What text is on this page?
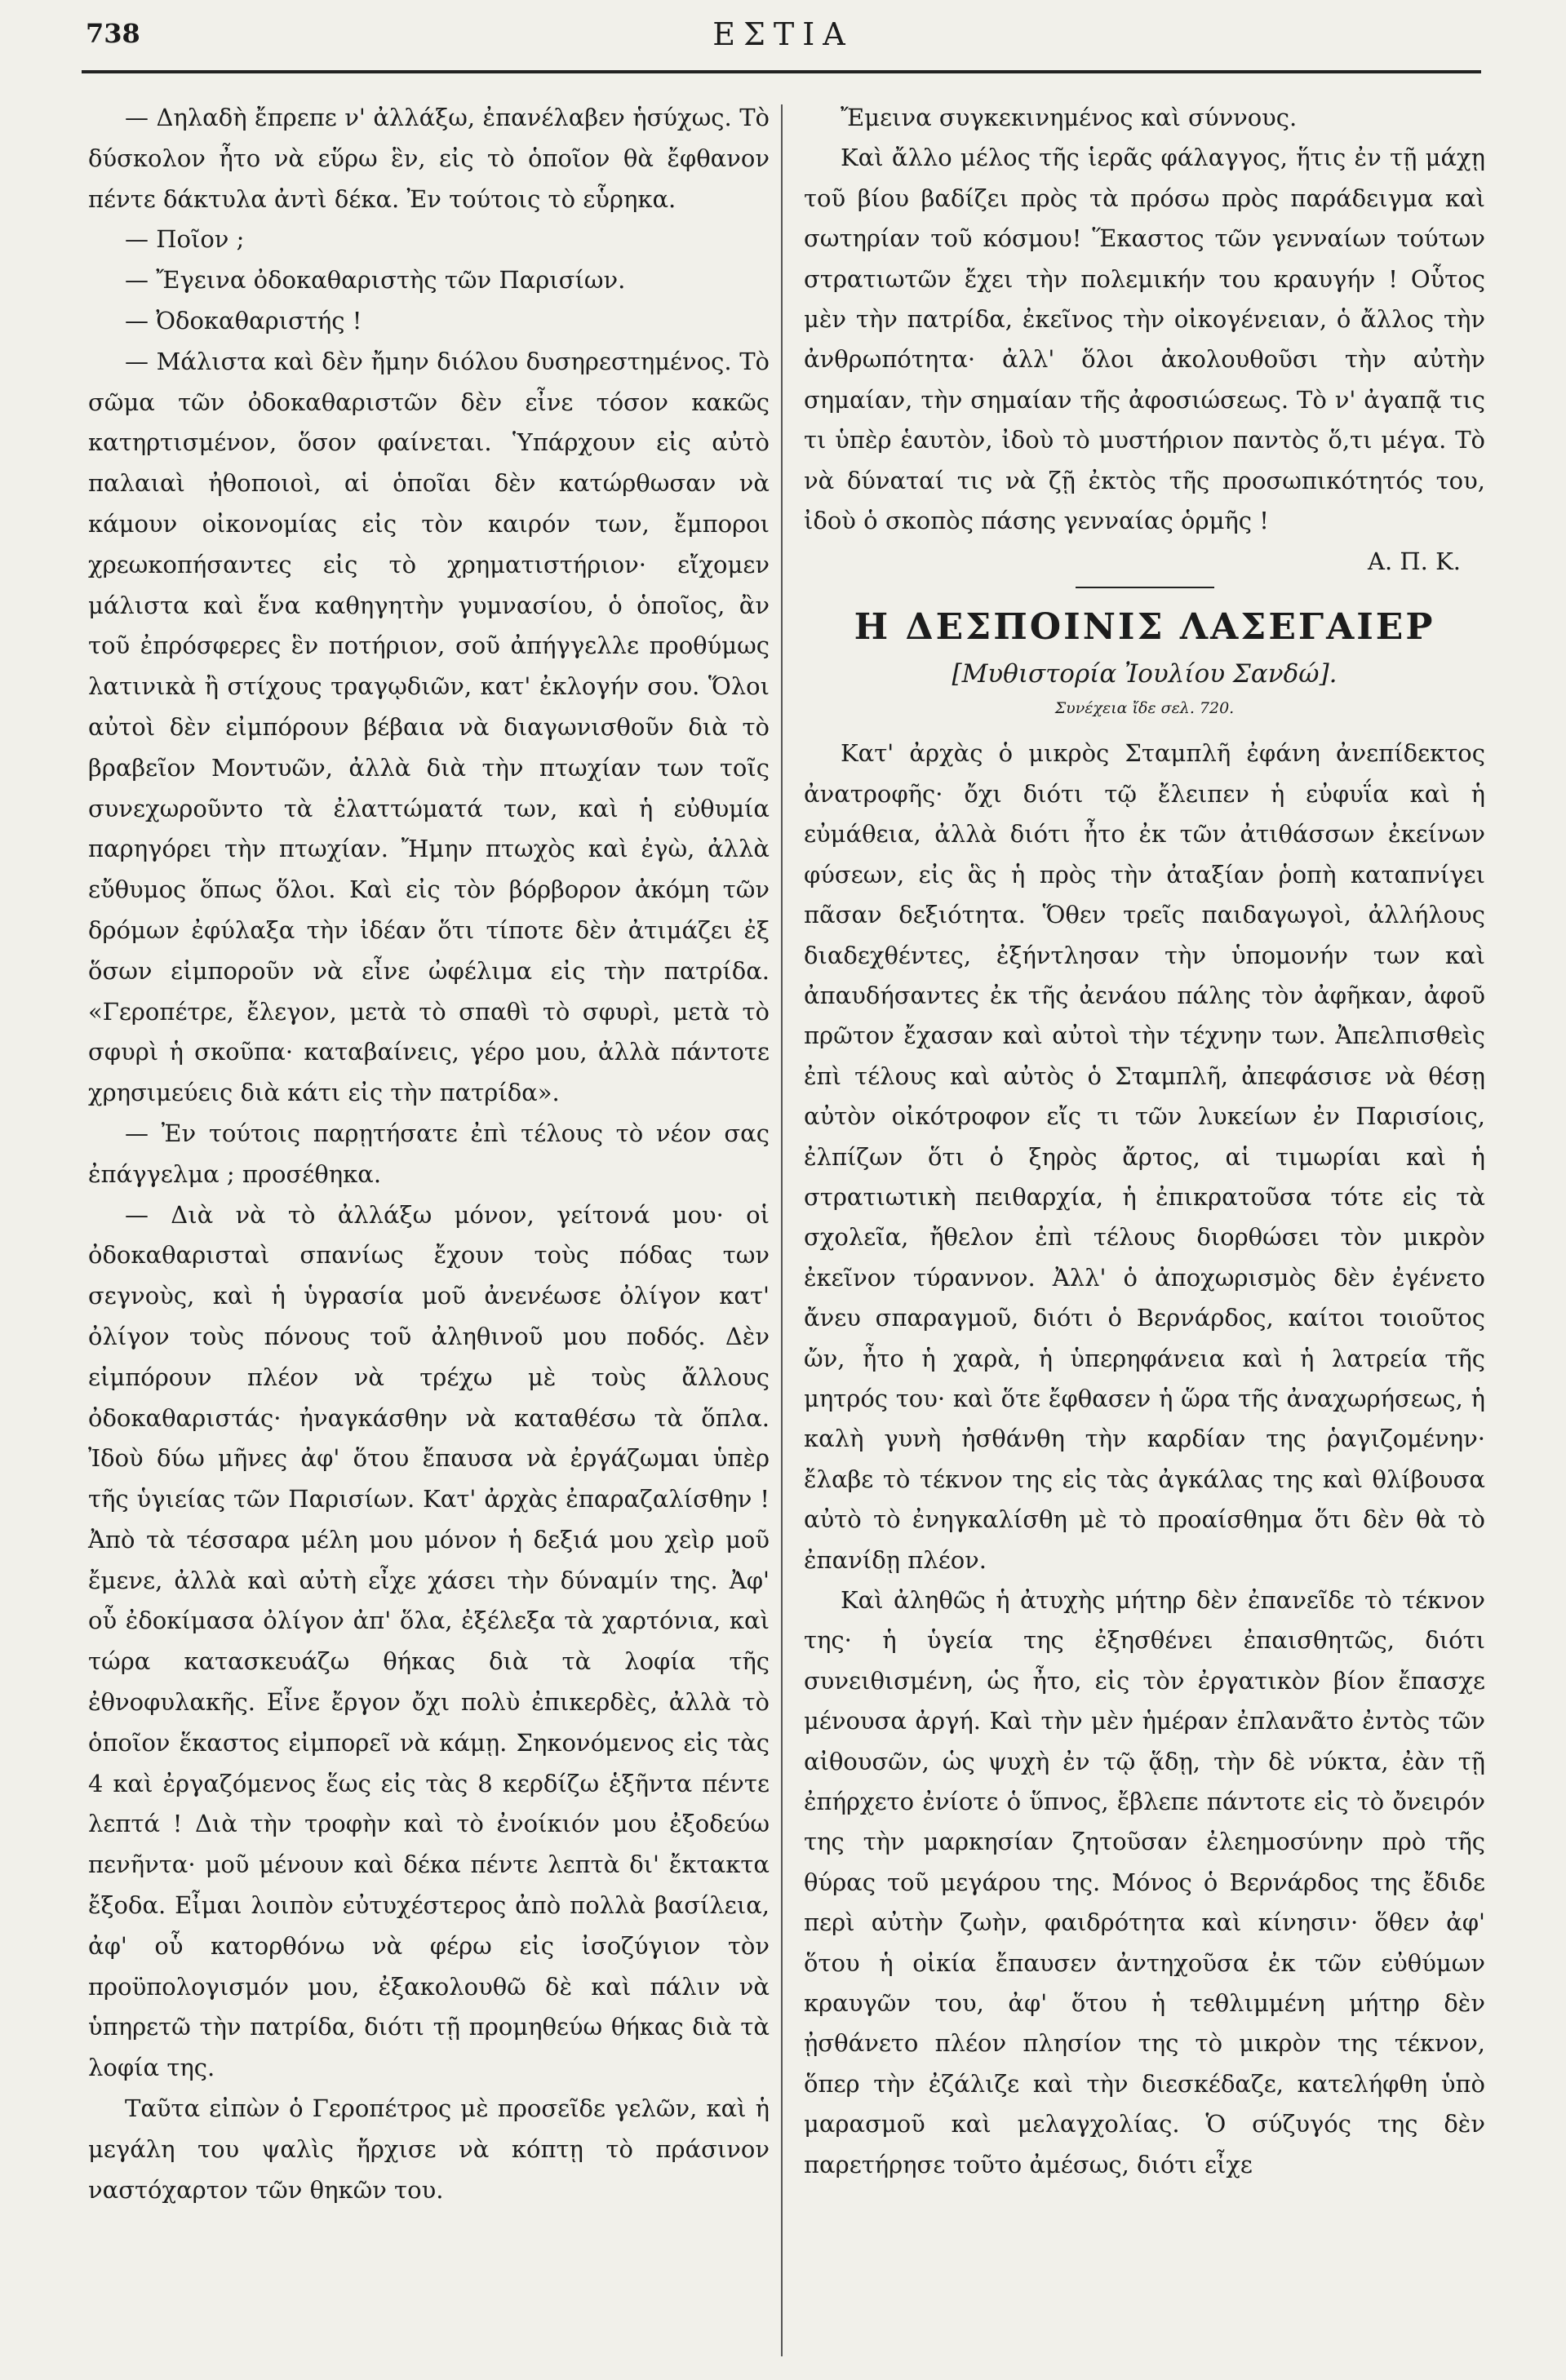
738	ΕΣΤΙΑ

— Δηλαδὴ ἔπρεπε ν' ἀλλάξω, ἐπανέλαβεν ἡσύχως. Τὸ δύσκολον ἦτο νὰ εὕρω ἓν, εἰς τὸ ὁποῖον θὰ ἔφθανον πέντε δάκτυλα ἀντὶ δέκα. Ἐν τούτοις τὸ εὗρηκα.

— Ποῖον ;

— Ἔγεινα ὀδοκαθαριστὴς τῶν Παρισίων.

— Ὀδοκαθαριστής !

— Μάλιστα καὶ δὲν ἤμην διόλου δυσηρεστημένος. Τὸ σῶμα τῶν ὀδοκαθαριστῶν δὲν εἶνε τόσον κακῶς κατηρτισμένον, ὅσον φαίνεται. Ὑπάρχουν εἰς αὐτὸ παλαιαὶ ἠθοποιοὶ, αἱ ὁποῖαι δὲν κατώρθωσαν νὰ κάμουν οἰκονομίας εἰς τὸν καιρόν των, ἔμποροι χρεωκοπήσαντες εἰς τὸ χρηματιστήριον· εἴχομεν μάλιστα καὶ ἕνα καθηγητὴν γυμνασίου, ὁ ὁποῖος, ἂν τοῦ ἐπρόσφερες ἓν ποτήριον, σοῦ ἀπήγγελλε προθύμως λατινικὰ ἢ στίχους τραγῳδιῶν, κατ' ἐκλογήν σου. Ὅλοι αὐτοὶ δὲν εἰμπόρουν βέβαια νὰ διαγωνισθοῦν διὰ τὸ βραβεῖον Μοντυῶν, ἀλλὰ διὰ τὴν πτωχίαν των τοῖς συνεχωροῦντο τὰ ἐλαττώματά των, καὶ ἡ εὐθυμία παρηγόρει τὴν πτωχίαν. Ἤμην πτωχὸς καὶ ἐγὼ, ἀλλὰ εὔθυμος ὅπως ὅλοι. Καὶ εἰς τὸν βόρβορον ἀκόμη τῶν δρόμων ἐφύλαξα τὴν ἰδέαν ὅτι τίποτε δὲν ἀτιμάζει ἐξ ὅσων εἰμποροῦν νὰ εἶνε ὠφέλιμα εἰς τὴν πατρίδα. «Γεροπέτρε, ἔλεγον, μετὰ τὸ σπαθὶ τὸ σφυρὶ, μετὰ τὸ σφυρὶ ἡ σκοῦπα· καταβαίνεις, γέρο μου, ἀλλὰ πάντοτε χρησιμεύεις διὰ κάτι εἰς τὴν πατρίδα».

— Ἐν τούτοις παρῃτήσατε ἐπὶ τέλους τὸ νέον σας ἐπάγγελμα ; προσέθηκα.

— Διὰ νὰ τὸ ἀλλάξω μόνον, γείτονά μου· οἱ ὀδοκαθαρισταὶ σπανίως ἔχουν τοὺς πόδας των σεγνοὺς, καὶ ἡ ὑγρασία μοῦ ἀνενέωσε ὀλίγον κατ' ὀλίγον τοὺς πόνους τοῦ ἀληθινοῦ μου ποδός. Δὲν εἰμπόρουν πλέον νὰ τρέχω μὲ τοὺς ἄλλους ὀδοκαθαριστάς· ἠναγκάσθην νὰ καταθέσω τὰ ὅπλα. Ἰδοὺ δύω μῆνες ἀφ' ὅτου ἔπαυσα νὰ ἐργάζωμαι ὑπὲρ τῆς ὑγιείας τῶν Παρισίων. Κατ' ἀρχὰς ἐπαραζαλίσθην ! Ἀπὸ τὰ τέσσαρα μέλη μου μόνον ἡ δεξιά μου χεὶρ μοῦ ἔμενε, ἀλλὰ καὶ αὐτὴ εἶχε χάσει τὴν δύναμίν της. Ἀφ' οὗ ἐδοκίμασα ὀλίγον ἀπ' ὅλα, ἐξέλεξα τὰ χαρτόνια, καὶ τώρα κατασκευάζω θήκας διὰ τὰ λοφία τῆς ἐθνοφυλακῆς. Εἶνε ἔργον ὄχι πολὺ ἐπικερδὲς, ἀλλὰ τὸ ὁποῖον ἕκαστος εἰμπορεῖ νὰ κάμῃ. Σηκονόμενος εἰς τὰς 4 καὶ ἐργαζόμενος ἕως εἰς τὰς 8 κερδίζω ἑξῆντα πέντε λεπτά ! Διὰ τὴν τροφὴν καὶ τὸ ἐνοίκιόν μου ἐξοδεύω πενῆντα· μοῦ μένουν καὶ δέκα πέντε λεπτὰ δι' ἔκτακτα ἔξοδα. Εἶμαι λοιπὸν εὐτυχέστερος ἀπὸ πολλὰ βασίλεια, ἀφ' οὗ κατορθόνω νὰ φέρω εἰς ἰσοζύγιον τὸν προϋπολογισμόν μου, ἐξακολουθῶ δὲ καὶ πάλιν νὰ ὑπηρετῶ τὴν πατρίδα, διότι τῇ προμηθεύω θήκας διὰ τὰ λοφία της.

Ταῦτα εἰπὼν ὁ Γεροπέτρος μὲ προσεῖδε γελῶν, καὶ ἡ μεγάλη του ψαλὶς ἤρχισε νὰ κόπτῃ τὸ πράσινον ναστόχαρτον τῶν θηκῶν του.

Ἔμεινα συγκεκινημένος καὶ σύννους.

Καὶ ἄλλο μέλος τῆς ἱερᾶς φάλαγγος, ἥτις ἐν τῇ μάχῃ τοῦ βίου βαδίζει πρὸς τὰ πρόσω πρὸς παράδειγμα καὶ σωτηρίαν τοῦ κόσμου! Ἕκαστος τῶν γενναίων τούτων στρατιωτῶν ἔχει τὴν πολεμικήν του κραυγήν ! Οὗτος μὲν τὴν πατρίδα, ἐκεῖνος τὴν οἰκογένειαν, ὁ ἄλλος τὴν ἀνθρωπότητα· ἀλλ' ὅλοι ἀκολουθοῦσι τὴν αὐτὴν σημαίαν, τὴν σημαίαν τῆς ἀφοσιώσεως. Τὸ ν' ἀγαπᾷ τις τι ὑπὲρ ἑαυτὸν, ἰδοὺ τὸ μυστήριον παντὸς ὅ,τι μέγα. Τὸ νὰ δύναταί τις νὰ ζῇ ἐκτὸς τῆς προσωπικότητός του, ἰδοὺ ὁ σκοπὸς πάσης γενναίας ὁρμῆς !

Α. Π. Κ.

Η ΔΕΣΠΟΙΝΙΣ ΛΑΣΕΓΑΙΕΡ

[Μυθιστορία Ἰουλίου Σανδώ].

Συνέχεια ἴδε σελ. 720.

Κατ' ἀρχὰς ὁ μικρὸς Σταμπλῆ ἐφάνη ἀνεπίδεκτος ἀνατροφῆς· ὄχι διότι τῷ ἔλειπεν ἡ εὐφυΐα καὶ ἡ εὐμάθεια, ἀλλὰ διότι ἦτο ἐκ τῶν ἀτιθάσσων ἐκείνων φύσεων, εἰς ἃς ἡ πρὸς τὴν ἀταξίαν ῥοπὴ καταπνίγει πᾶσαν δεξιότητα. Ὅθεν τρεῖς παιδαγωγοὶ, ἀλλήλους διαδεχθέντες, ἐξήντλησαν τὴν ὑπομονήν των καὶ ἀπαυδήσαντες ἐκ τῆς ἀενάου πάλης τὸν ἀφῆκαν, ἀφοῦ πρῶτον ἔχασαν καὶ αὐτοὶ τὴν τέχνην των. Ἀπελπισθεὶς ἐπὶ τέλους καὶ αὐτὸς ὁ Σταμπλῆ, ἀπεφάσισε νὰ θέσῃ αὐτὸν οἰκότροφον εἴς τι τῶν λυκείων ἐν Παρισίοις, ἐλπίζων ὅτι ὁ ξηρὸς ἄρτος, αἱ τιμωρίαι καὶ ἡ στρατιωτικὴ πειθαρχία, ἡ ἐπικρατοῦσα τότε εἰς τὰ σχολεῖα, ἤθελον ἐπὶ τέλους διορθώσει τὸν μικρὸν ἐκεῖνον τύραννον. Ἀλλ' ὁ ἀποχωρισμὸς δὲν ἐγένετο ἄνευ σπαραγμοῦ, διότι ὁ Βερνάρδος, καίτοι τοιοῦτος ὤν, ἦτο ἡ χαρὰ, ἡ ὑπερηφάνεια καὶ ἡ λατρεία τῆς μητρός του· καὶ ὅτε ἔφθασεν ἡ ὥρα τῆς ἀναχωρήσεως, ἡ καλὴ γυνὴ ἠσθάνθη τὴν καρδίαν της ῥαγιζομένην· ἔλαβε τὸ τέκνον της εἰς τὰς ἀγκάλας της καὶ θλίβουσα αὐτὸ τὸ ἐνηγκαλίσθη μὲ τὸ προαίσθημα ὅτι δὲν θὰ τὸ ἐπανίδῃ πλέον.

Καὶ ἀληθῶς ἡ ἀτυχὴς μήτηρ δὲν ἐπανεῖδε τὸ τέκνον της· ἡ ὑγεία της ἐξησθένει ἐπαισθητῶς, διότι συνειθισμένη, ὡς ἦτο, εἰς τὸν ἐργατικὸν βίον ἔπασχε μένουσα ἀργή. Καὶ τὴν μὲν ἡμέραν ἐπλανᾶτο ἐντὸς τῶν αἰθουσῶν, ὡς ψυχὴ ἐν τῷ ᾅδῃ, τὴν δὲ νύκτα, ἐὰν τῇ ἐπήρχετο ἐνίοτε ὁ ὕπνος, ἔβλεπε πάντοτε εἰς τὸ ὄνειρόν της τὴν μαρκησίαν ζητοῦσαν ἐλεημοσύνην πρὸ τῆς θύρας τοῦ μεγάρου της. Μόνος ὁ Βερνάρδος της ἔδιδε περὶ αὐτὴν ζωὴν, φαιδρότητα καὶ κίνησιν· ὅθεν ἀφ' ὅτου ἡ οἰκία ἔπαυσεν ἀντηχοῦσα ἐκ τῶν εὐθύμων κραυγῶν του, ἀφ' ὅτου ἡ τεθλιμμένη μήτηρ δὲν ᾐσθάνετο πλέον πλησίον της τὸ μικρὸν της τέκνον, ὅπερ τὴν ἐζάλιζε καὶ τὴν διεσκέδαζε, κατελήφθη ὑπὸ μαρασμοῦ καὶ μελαγχολίας. Ὁ σύζυγός της δὲν παρετήρησε τοῦτο ἀμέσως, διότι εἶχε
